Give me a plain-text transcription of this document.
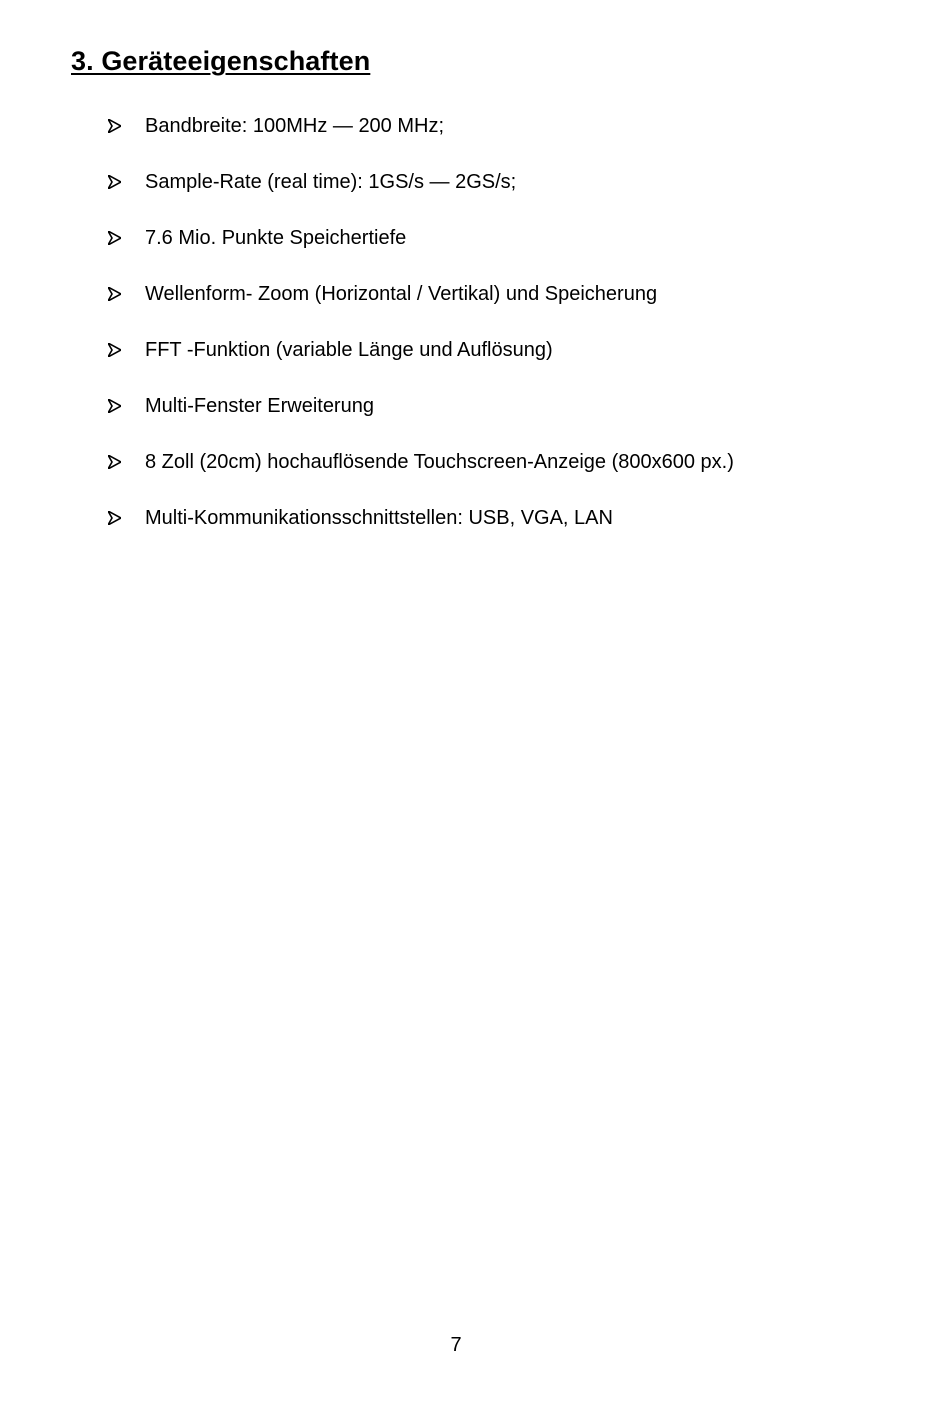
3. Geräteeigenschaften
Bandbreite: 100MHz — 200 MHz;
Sample-Rate (real time): 1GS/s — 2GS/s;
7.6 Mio. Punkte Speichertiefe
Wellenform- Zoom (Horizontal / Vertikal) und Speicherung
FFT -Funktion (variable Länge und Auflösung)
Multi-Fenster Erweiterung
8 Zoll (20cm) hochauflösende Touchscreen-Anzeige (800x600 px.)
Multi-Kommunikationsschnittstellen: USB, VGA, LAN
7
